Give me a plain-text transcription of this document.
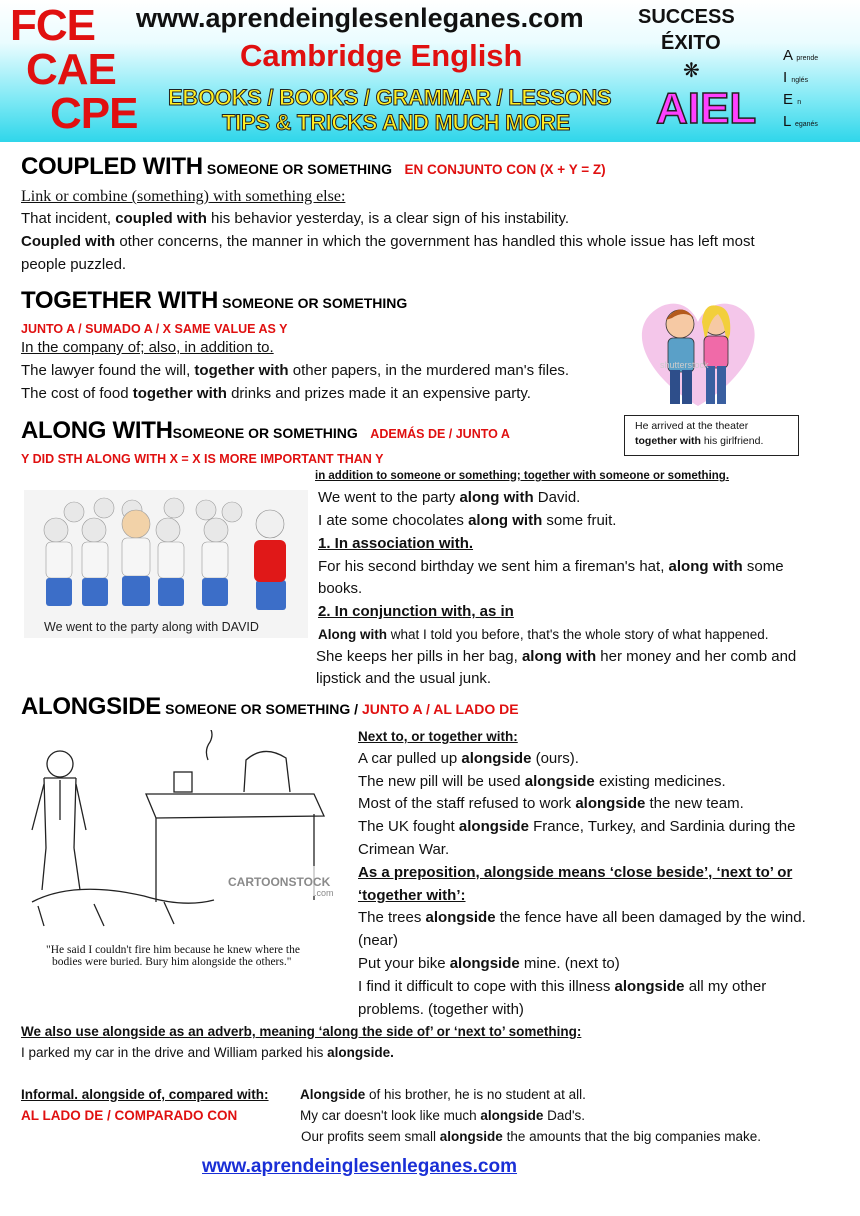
FCE
CAE
CPE
www.aprendeinglesenleganes.com
Cambridge English
EBOOKS / BOOKS / GRAMMAR / LESSONS
TIPS & TRICKS AND MUCH MORE
SUCCESS
ÉXITO
❋
AIEL
A prende
I nglés
E n
L eganés
COUPLED WITH SOMEONE OR SOMETHING EN CONJUNTO CON (X + Y = Z)
Link or combine (something) with something else:
That incident, coupled with his behavior yesterday, is a clear sign of his instability.
Coupled with other concerns, the manner in which the government has handled this whole issue has left most
people puzzled.
TOGETHER WITH SOMEONE OR SOMETHING
JUNTO A / SUMADO A / X SAME VALUE AS Y
In the company of; also, in addition to.
The lawyer found the will, together with other papers, in the murdered man's files.
The cost of food together with drinks and prizes made it an expensive party.
shutterstock
He arrived at the theater
together with his girlfriend.
ALONG WITHSOMEONE OR SOMETHING ADEMÁS DE / JUNTO A
Y DID STH ALONG WITH X = X IS MORE IMPORTANT THAN Y
in addition to someone or something; together with someone or something.
We went to the party along with David.
I ate some chocolates along with some fruit.
1. In association with.
For his second birthday we sent him a fireman's hat, along with some
books.
2. In conjunction with, as in
Along with what I told you before, that's the whole story of what happened.
She keeps her pills in her bag, along with her money and her comb and
lipstick and the usual junk.
We went to the party along with DAVID
ALONGSIDE SOMEONE OR SOMETHING / JUNTO A / AL LADO DE
Next to, or together with:
A car pulled up alongside (ours).
The new pill will be used alongside existing medicines.
Most of the staff refused to work alongside the new team.
The UK fought alongside France, Turkey, and Sardinia during the
Crimean War.
As a preposition, alongside means ‘close beside’, ‘next to’ or
‘together with’:
The trees alongside the fence have all been damaged by the wind.
(near)
Put your bike alongside mine. (next to)
I find it difficult to cope with this illness alongside all my other
problems. (together with)
We also use alongside as an adverb, meaning ‘along the side of’ or ‘next to’ something:
I parked my car in the drive and William parked his alongside.
CARTOONSTOCK
.com
"He said I couldn't fire him because he knew where the
bodies were buried. Bury him alongside the others."
Informal. alongside of, compared with:
AL LADO DE / COMPARADO CON
Alongside of his brother, he is no student at all.
My car doesn't look like much alongside Dad's.
Our profits seem small alongside the amounts that the big companies make.
www.aprendeinglesenleganes.com
